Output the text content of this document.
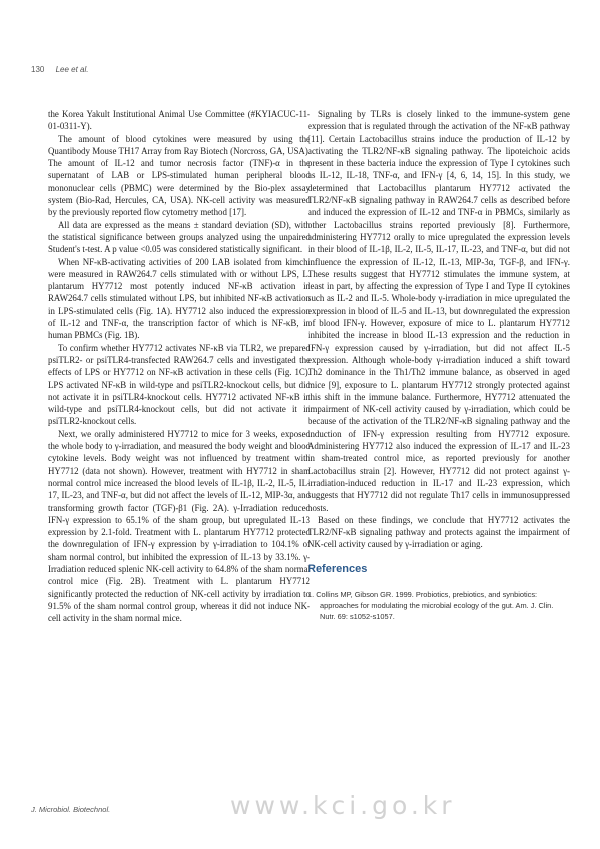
130 Lee et al.

the Korea Yakult Institutional Animal Use Committee (#KYIACUC-11-01-0311-Y).

The amount of blood cytokines were measured by using the Quantibody Mouse TH17 Array from Ray Biotech (Norcross, GA, USA). The amount of IL-12 and tumor necrosis factor (TNF)-α in the supernatant of LAB or LPS-stimulated human peripheral blood mononuclear cells (PBMC) were determined by the Bio-plex assay system (Bio-Rad, Hercules, CA, USA). NK-cell activity was measured by the previously reported flow cytometry method [17].

All data are expressed as the means ± standard deviation (SD), with the statistical significance between groups analyzed using the unpaired Student's t-test. A p value <0.05 was considered statistically significant.

When NF-κB-activating activities of 200 LAB isolated from kimchi were measured in RAW264.7 cells stimulated with or without LPS, L. plantarum HY7712 most potently induced NF-κB activation in RAW264.7 cells stimulated without LPS, but inhibited NF-κB activation in LPS-stimulated cells (Fig. 1A). HY7712 also induced the expression of IL-12 and TNF-α, the transcription factor of which is NF-κB, in human PBMCs (Fig. 1B).

To confirm whether HY7712 activates NF-κB via TLR2, we prepared psiTLR2- or psiTLR4-transfected RAW264.7 cells and investigated the effects of LPS or HY7712 on NF-κB activation in these cells (Fig. 1C). LPS activated NF-κB in wild-type and psiTLR2-knockout cells, but did not activate it in psiTLR4-knockout cells. HY7712 activated NF-κB in wild-type and psiTLR4-knockout cells, but did not activate it in psiTLR2-knockout cells.

Next, we orally administered HY7712 to mice for 3 weeks, exposed the whole body to γ-irradiation, and measured the body weight and blood cytokine levels. Body weight was not influenced by treatment with HY7712 (data not shown). However, treatment with HY7712 in sham normal control mice increased the blood levels of IL-1β, IL-2, IL-5, IL-17, IL-23, and TNF-α, but did not affect the levels of IL-12, MIP-3α, and transforming growth factor (TGF)-β1 (Fig. 2A). γ-Irradiation reduced IFN-γ expression to 65.1% of the sham group, but upregulated IL-13 expression by 2.1-fold. Treatment with L. plantarum HY7712 protected the downregulation of IFN-γ expression by γ-irradiation to 104.1% of sham normal control, but inhibited the expression of IL-13 by 33.1%. γ-Irradiation reduced splenic NK-cell activity to 64.8% of the sham normal control mice (Fig. 2B). Treatment with L. plantarum HY7712 significantly protected the reduction of NK-cell activity by irradiation to 91.5% of the sham normal control group, whereas it did not induce NK-cell activity in the sham normal mice.

Signaling by TLRs is closely linked to the immune-system gene expression that is regulated through the activation of the NF-κB pathway [11]. Certain Lactobacillus strains induce the production of IL-12 by activating the TLR2/NF-κB signaling pathway. The lipoteichoic acids present in these bacteria induce the expression of Type I cytokines such as IL-12, IL-18, TNF-α, and IFN-γ [4, 6, 14, 15]. In this study, we determined that Lactobacillus plantarum HY7712 activated the TLR2/NF-κB signaling pathway in RAW264.7 cells as described before and induced the expression of IL-12 and TNF-α in PBMCs, similarly as other Lactobacillus strains reported previously [8]. Furthermore, administering HY7712 orally to mice upregulated the expression levels in their blood of IL-1β, IL-2, IL-5, IL-17, IL-23, and TNF-α, but did not influence the expression of IL-12, IL-13, MIP-3α, TGF-β, and IFN-γ. These results suggest that HY7712 stimulates the immune system, at least in part, by affecting the expression of Type I and Type II cytokines such as IL-2 and IL-5. Whole-body γ-irradiation in mice upregulated the expression in blood of IL-5 and IL-13, but downregulated the expression of blood IFN-γ. However, exposure of mice to L. plantarum HY7712 inhibited the increase in blood IL-13 expression and the reduction in IFN-γ expression caused by γ-irradiation, but did not affect IL-5 expression. Although whole-body γ-irradiation induced a shift toward Th2 dominance in the Th1/Th2 immune balance, as observed in aged mice [9], exposure to L. plantarum HY7712 strongly protected against this shift in the immune balance. Furthermore, HY7712 attenuated the impairment of NK-cell activity caused by γ-irradiation, which could be because of the activation of the TLR2/NF-κB signaling pathway and the induction of IFN-γ expression resulting from HY7712 exposure. Administering HY7712 also induced the expression of IL-17 and IL-23 in sham-treated control mice, as reported previously for another Lactobacillus strain [2]. However, HY7712 did not protect against γ-irradiation-induced reduction in IL-17 and IL-23 expression, which suggests that HY7712 did not regulate Th17 cells in immunosuppressed hosts.

Based on these findings, we conclude that HY7712 activates the TLR2/NF-κB signaling pathway and protects against the impairment of NK-cell activity caused by γ-irradiation or aging.

References
1. Collins MP, Gibson GR. 1999. Probiotics, prebiotics, and synbiotics: approaches for modulating the microbial ecology of the gut. Am. J. Clin. Nutr. 69: s1052-s1057.
J. Microbiol. Biotechnol.	www.kci.go.kr
